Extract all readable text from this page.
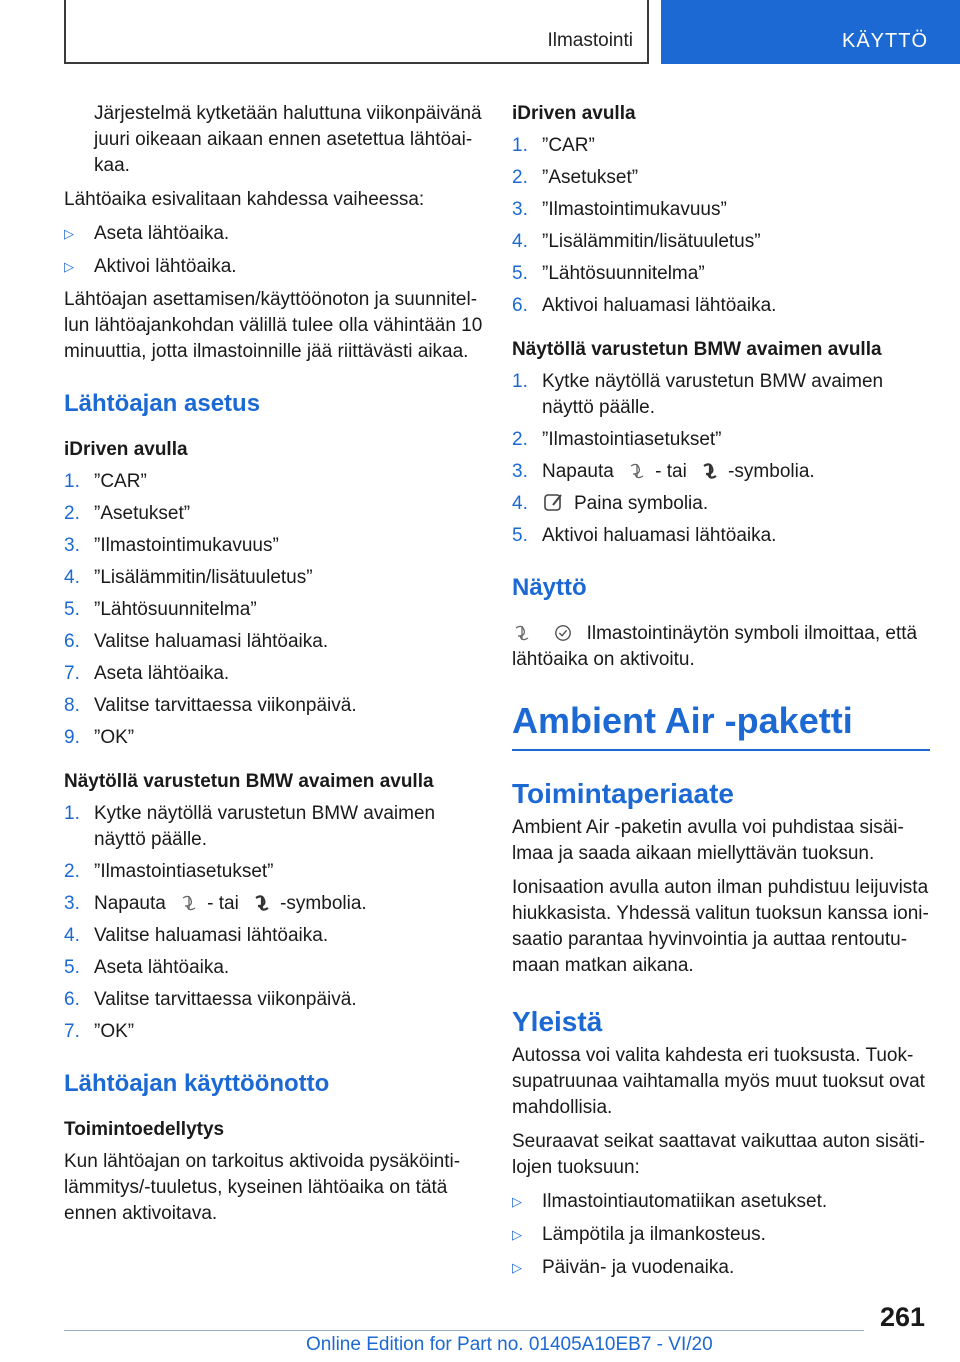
Ilmastointi	KÄYTTÖ

Järjestelmä kytketään haluttuna viikonpäivänä juuri oikeaan aikaan ennen asetettua lähtöaikaa.

Lähtöaika esivalitaan kahdessa vaiheessa:

▷ Aseta lähtöaika.
▷ Aktivoi lähtöaika.

Lähtöajan asettamisen/käyttöönoton ja suunnitellun lähtöajankohdan välillä tulee olla vähintään 10 minuuttia, jotta ilmastoinnille jää riittävästi aikaa.

Lähtöajan asetus
iDriven avulla
1. ”CAR”
2. ”Asetukset”
3. ”Ilmastointimukavuus”
4. ”Lisälämmitin/lisätuuletus”
5. ”Lähtösuunnitelma”
6. Valitse haluamasi lähtöaika.
7. Aseta lähtöaika.
8. Valitse tarvittaessa viikonpäivä.
9. ”OK”
Näytöllä varustetun BMW avaimen avulla
1. Kytke näytöllä varustetun BMW avaimen näyttö päälle.
2. ”Ilmastointiasetukset”
3. Napauta - tai -symbolia.
4. Valitse haluamasi lähtöaika.
5. Aseta lähtöaika.
6. Valitse tarvittaessa viikonpäivä.
7. ”OK”
Lähtöajan käyttöönotto
Toimintoedellytys

Kun lähtöajan on tarkoitus aktivoida pysäköintilämmitys/-tuuletus, kyseinen lähtöaika on tätä ennen aktivoitava.

iDriven avulla
1. ”CAR”
2. ”Asetukset”
3. ”Ilmastointimukavuus”
4. ”Lisälämmitin/lisätuuletus”
5. ”Lähtösuunnitelma”
6. Aktivoi haluamasi lähtöaika.
Näytöllä varustetun BMW avaimen avulla
1. Kytke näytöllä varustetun BMW avaimen näyttö päälle.
2. ”Ilmastointiasetukset”
3. Napauta - tai -symbolia.
4. Paina symbolia.
5. Aktivoi haluamasi lähtöaika.
Näyttö

Ilmastointinäytön symboli ilmoittaa, että lähtöaika on aktivoitu.

Ambient Air -paketti
Toimintaperiaate

Ambient Air -paketin avulla voi puhdistaa sisäilmaa ja saada aikaan miellyttävän tuoksun.

Ionisaation avulla auton ilman puhdistuu leijuvista hiukkasista. Yhdessä valitun tuoksun kanssa ionisaatio parantaa hyvinvointia ja auttaa rentoutumaan matkan aikana.

Yleistä

Autossa voi valita kahdesta eri tuoksusta. Tuoksupatruunaa vaihtamalla myös muut tuoksut ovat mahdollisia.

Seuraavat seikat saattavat vaikuttaa auton sisätilojen tuoksuun:

▷ Ilmastointiautomatiikan asetukset.
▷ Lämpötila ja ilmankosteus.
▷ Päivän- ja vuodenaika.
261
Online Edition for Part no. 01405A10EB7 - VI/20
